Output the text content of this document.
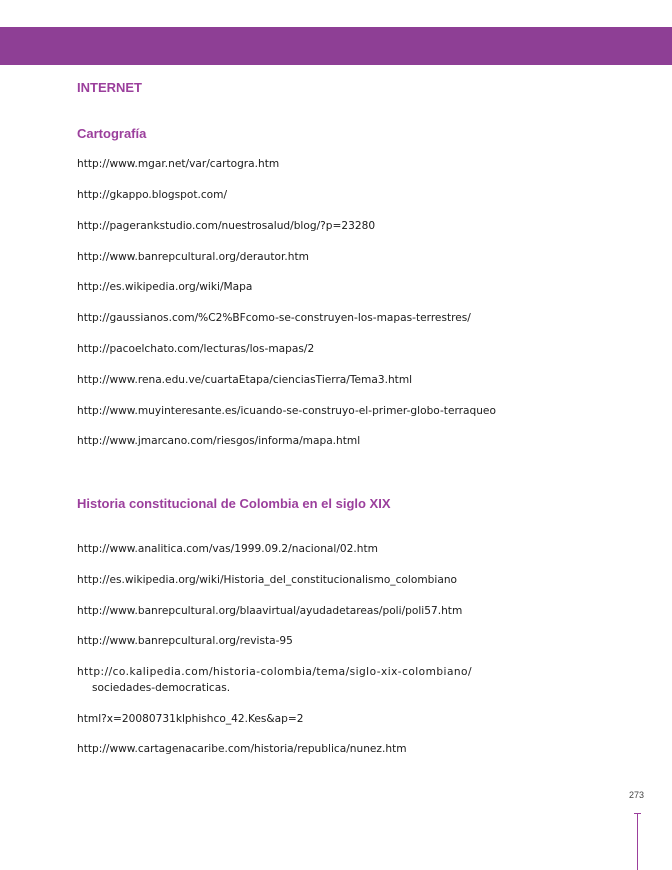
INTERNET
Cartografía

http://www.mgar.net/var/cartogra.htm

http://gkappo.blogspot.com/

http://pagerankstudio.com/nuestrosalud/blog/?p=23280

http://www.banrepcultural.org/derautor.htm

http://es.wikipedia.org/wiki/Mapa

http://gaussianos.com/%C2%BFcomo-se-construyen-los-mapas-terrestres/

http://pacoelchato.com/lecturas/los-mapas/2

http://www.rena.edu.ve/cuartaEtapa/cienciasTierra/Tema3.html

http://www.muyinteresante.es/icuando-se-construyo-el-primer-globo-terraqueo

http://www.jmarcano.com/riesgos/informa/mapa.html

Historia constitucional de Colombia en el siglo XIX

http://www.analitica.com/vas/1999.09.2/nacional/02.htm

http://es.wikipedia.org/wiki/Historia_del_constitucionalismo_colombiano

http://www.banrepcultural.org/blaavirtual/ayudadetareas/poli/poli57.htm

http://www.banrepcultural.org/revista-95

http://co.kalipedia.com/historia-colombia/tema/siglo-xix-colombiano/

sociedades-democraticas.

html?x=20080731klphishco_42.Kes&ap=2

http://www.cartagenacaribe.com/historia/republica/nunez.htm

273
